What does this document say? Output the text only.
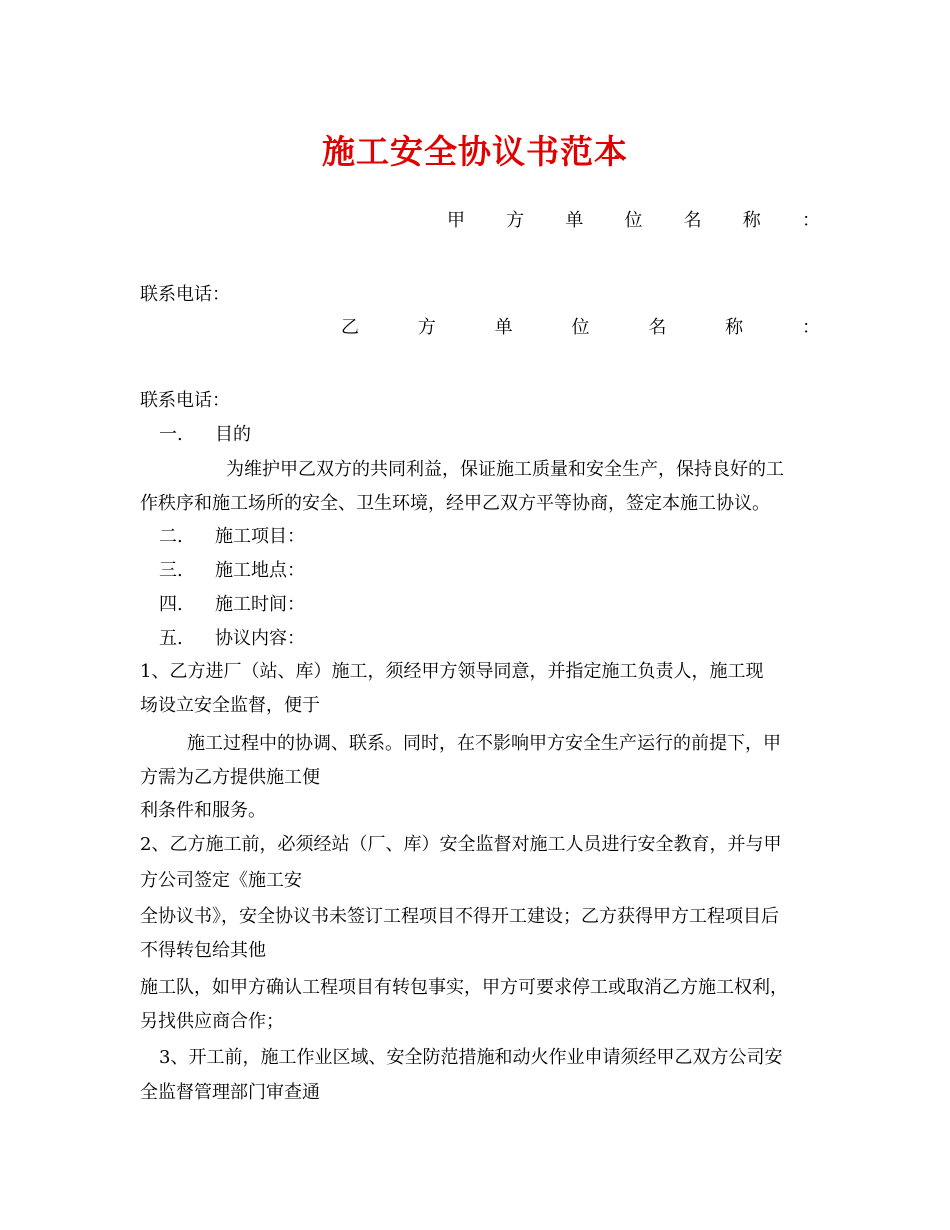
施工安全协议书范本
甲 方 单 位 名 称 ：
联系电话：
乙	方	单	位	名	称	：
联系电话：
一. 目的
为维护甲乙双方的共同利益，保证施工质量和安全生产，保持良好的工
作秩序和施工场所的安全、卫生环境，经甲乙双方平等协商，签定本施工协议。
二. 施工项目：
三. 施工地点：
四. 施工时间：
五. 协议内容：
1、乙方进厂（站、库）施工，须经甲方领导同意，并指定施工负责人，施工现
场设立安全监督，便于
施工过程中的协调、联系。同时，在不影响甲方安全生产运行的前提下，甲
方需为乙方提供施工便
利条件和服务。
2、乙方施工前，必须经站（厂、库）安全监督对施工人员进行安全教育，并与甲
方公司签定《施工安
全协议书》，安全协议书未签订工程项目不得开工建设；乙方获得甲方工程项目后
不得转包给其他
施工队，如甲方确认工程项目有转包事实，甲方可要求停工或取消乙方施工权利，
另找供应商合作；
3、开工前，施工作业区域、安全防范措施和动火作业申请须经甲乙双方公司安
全监督管理部门审查通
